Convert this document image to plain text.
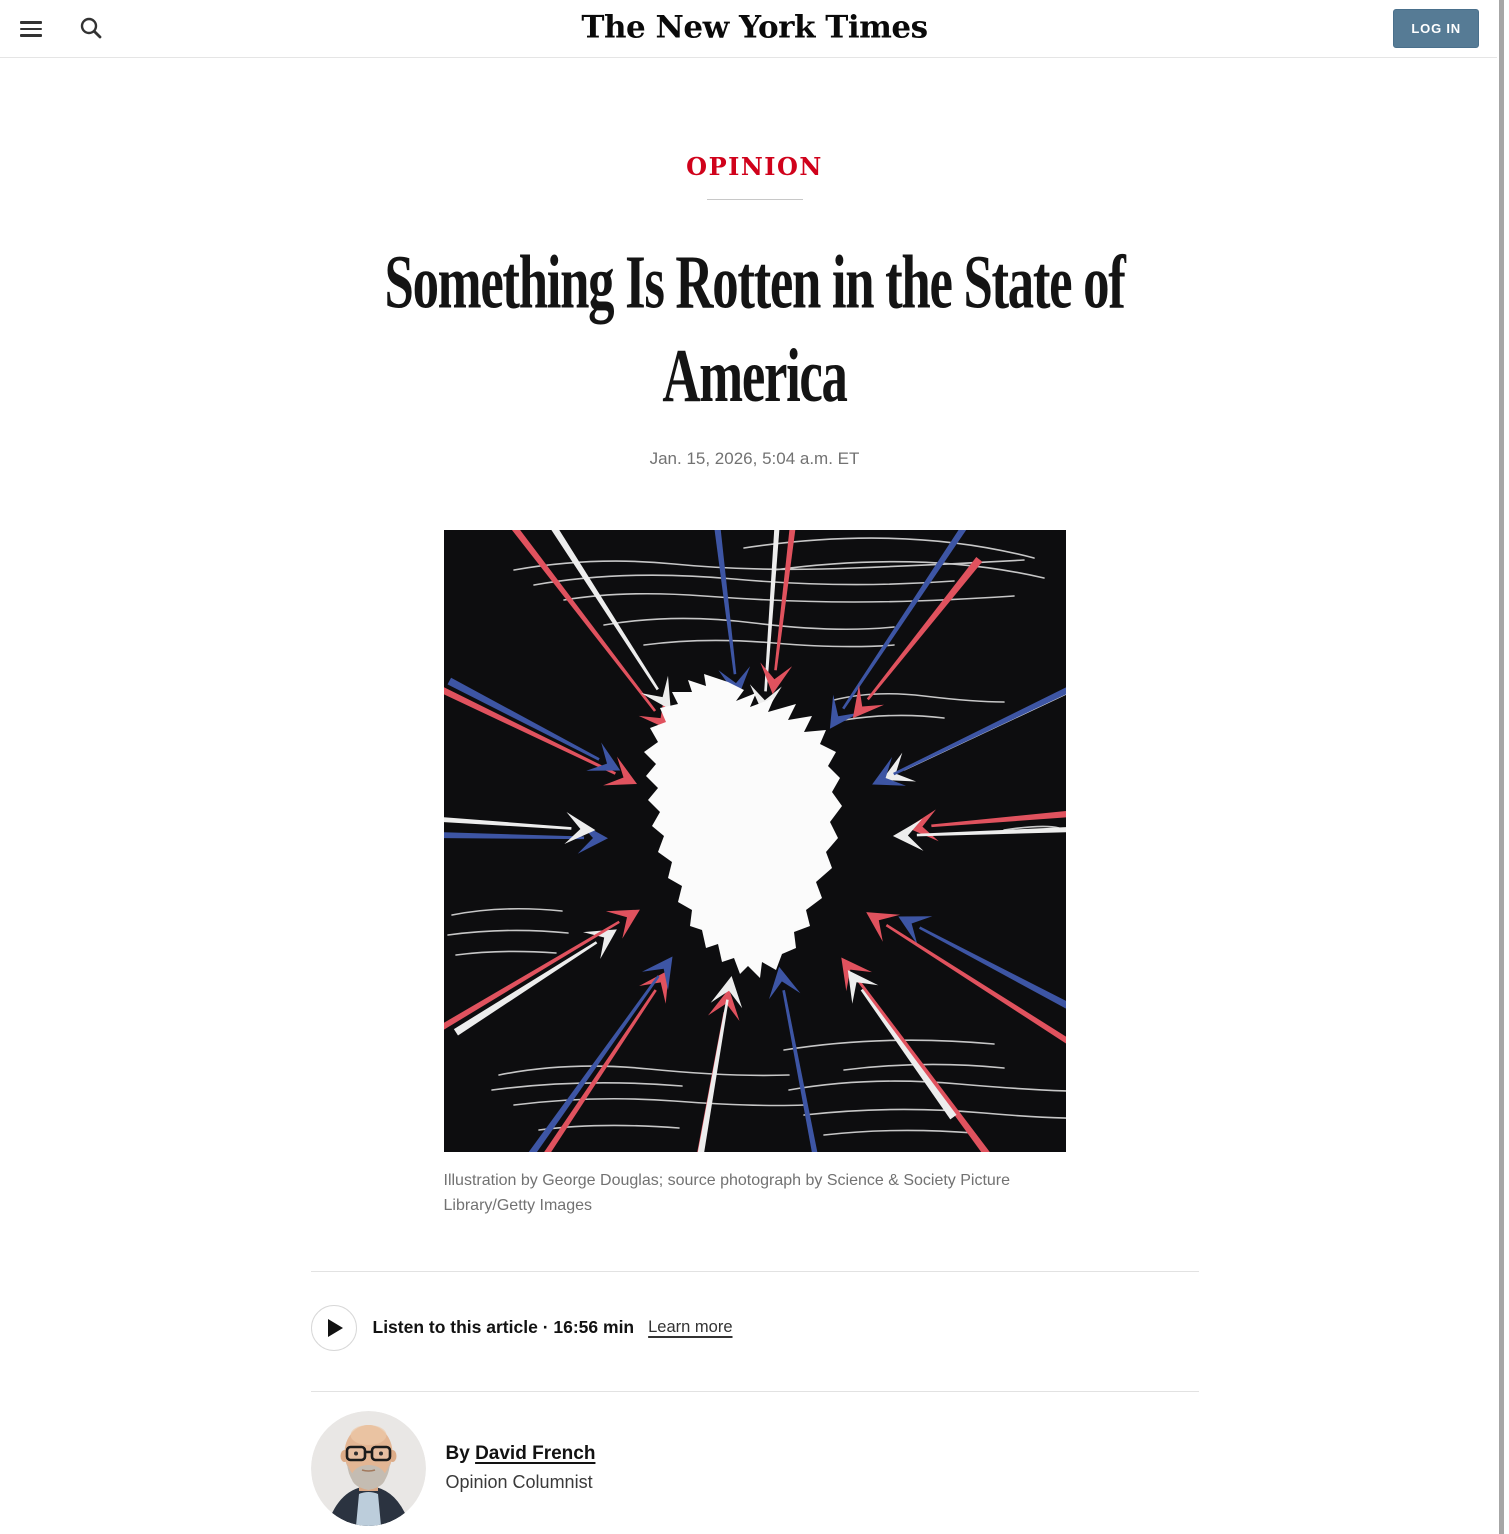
The New York Times	LOG IN
OPINION
Something Is Rotten in the State of
America
Jan. 15, 2026, 5:04 a.m. ET
Illustration by George Douglas; source photograph by Science & Society Picture Library/Getty Images
Listen to this article · 16:56 min Learn more
By David French
Opinion Columnist
